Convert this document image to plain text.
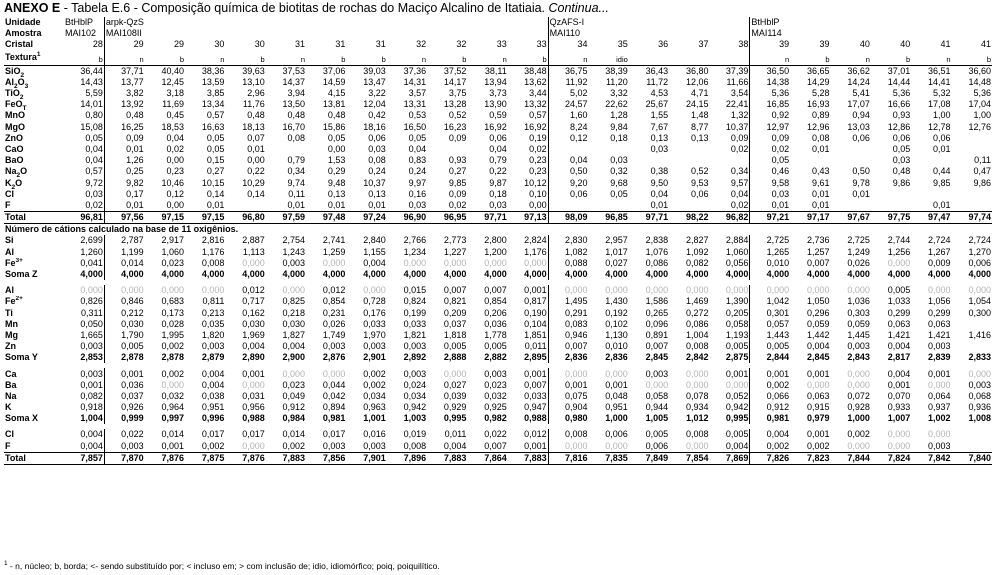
ANEXO E - Tabela E.6 - Composição química de biotitas de rochas do Maciço Alcalino de Itatiaia. Continua...
Unidade	BtHblP	arpk-QzS											QzAFS-I					BtHblP					
Amostra	MAI102	MAI108II											MAI110					MAI114					
Cristal	28	29	29	30	30	31	31	31	32	32	33	33	34	35	36	37	38	39	39	40	40	41	41
Textura$^1$	b	n	b	n	b	n	b	b	n	b	n	b	n	idio				n	b	n	b	n	b
SiO$_2$	36,44	37,71	40,40	38,36	39,63	37,53	37,06	39,03	37,36	37,52	38,11	38,48	36,75	38,39	36,43	36,80	37,39	36,50	36,65	36,62	37,01	36,51	36,60
$Al_2O_3$	14,43	13,77	12,45	13,59	13,10	14,37	14,59	13,47	14,31	14,17	13,94	13,62	11,92	11,20	11,72	12,06	11,66	14,38	14,29	14,24	14,44	14,41	14,48
TiO$_2$	5,59	3,82	3,18	3,85	2,96	3,94	4,15	3,22	3,57	3,75	3,73	3,44	5,02	3,32	4,53	4,71	3,54	5,36	5,28	5,41	5,36	5,32	5,36
FeO$_T$	14,01	13,92	11,69	13,34	11,76	13,50	13,81	12,04	13,31	13,28	13,90	13,32	24,57	22,62	25,67	24,15	22,41	16,85	16,93	17,07	16,66	17,08	17,04
MnO	0,80	0,48	0,45	0,57	0,48	0,48	0,48	0,42	0,53	0,52	0,59	0,57	1,60	1,28	1,55	1,48	1,32	0,92	0,89	0,94	0,93	1,00	1,00
MgO	15,08	16,25	18,53	16,63	18,13	16,70	15,86	18,16	16,50	16,23	16,92	16,92	8,24	9,84	7,67	8,77	10,37	12,97	12,96	13,03	12,86	12,78	12,76
ZnO	0,05	0,09	0,04	0,05	0,07	0,08	0,05	0,06	0,05	0,09	0,06	0,19	0,12	0,18	0,13	0,13	0,09	0,09	0,08	0,06	0,06	0,06	
CaO	0,04	0,01	0,02	0,05	0,01		0,00	0,03	0,04		0,04	0,02			0,03		0,02	0,02	0,01		0,05	0,01	
BaO	0,04	1,26	0,00	0,15	0,00	0,79	1,53	0,08	0,83	0,93	0,79	0,23	0,04	0,03				0,05			0,03		0,11
$Na_2O$	0,57	0,25	0,23	0,27	0,22	0,34	0,29	0,24	0,24	0,27	0,22	0,23	0,50	0,32	0,38	0,52	0,34	0,46	0,43	0,50	0,48	0,44	0,47
$K_2O$	9,72	9,82	10,46	10,15	10,29	9,74	9,48	10,37	9,97	9,85	9,87	10,12	9,20	9,68	9,50	9,53	9,57	9,58	9,61	9,78	9,86	9,85	9,86
Cl	0,03	0,17	0,12	0,14	0,14	0,11	0,13	0,13	0,16	0,09	0,18	0,10	0,06	0,05	0,04	0,06	0,04	0,03	0,01	0,01			
F	0,02	0,01	0,00	0,01		0,01	0,01	0,01	0,03	0,02	0,03	0,00			0,01		0,02	0,01	0,01			0,01	
Total	96,81	97,56	97,15	97,15	96,80	97,59	97,48	97,24	96,90	96,95	97,71	97,13	98,09	96,85	97,71	98,22	96,82	97,21	97,17	97,67	97,75	97,47	97,74
Número de cátions calculado na base de 11 oxigênios.																							
Si	2,699	2,787	2,917	2,816	2,887	2,754	2,741	2,840	2,766	2,773	2,800	2,824	2,830	2,957	2,838	2,827	2,884	2,725	2,736	2,725	2,744	2,724	2,724
Al	1,260	1,199	1,060	1,176	1,113	1,243	1,259	1,155	1,234	1,227	1,200	1,176	1,082	1,017	1,076	1,092	1,060	1,265	1,257	1,249	1,256	1,267	1,270
$Fe^{3+}$	0,041	0,014	0,023	0,008	0,000	0,003	0,000	0,004	0,000	0,000	0,000	0,000	0,088	0,027	0,086	0,082	0,056	0,010	0,007	0,026	0,000	0,009	0,006
Soma Z	4,000	4,000	4,000	4,000	4,000	4,000	4,000	4,000	4,000	4,000	4,000	4,000	4,000	4,000	4,000	4,000	4,000	4,000	4,000	4,000	4,000	4,000	4,000

Al	0,000	0,000	0,000	0,000	0,012	0,000	0,012	0,000	0,015	0,007	0,007	0,001	0,000	0,000	0,000	0,000	0,000	0,000	0,000	0,000	0,005	0,000	0,000
$Fe^{2+}$	0,826	0,846	0,683	0,811	0,717	0,825	0,854	0,728	0,824	0,821	0,854	0,817	1,495	1,430	1,586	1,469	1,390	1,042	1,050	1,036	1,033	1,056	1,054
Ti	0,311	0,212	0,173	0,213	0,162	0,218	0,231	0,176	0,199	0,209	0,206	0,190	0,291	0,192	0,265	0,272	0,205	0,301	0,296	0,303	0,299	0,299	0,300
Mn	0,050	0,030	0,028	0,035	0,030	0,030	0,026	0,033	0,033	0,037	0,036	0,104	0,083	0,102	0,096	0,086	0,058	0,057	0,059	0,059	0,063	0,063	
Mg	1,665	1,790	1,995	1,820	1,969	1,827	1,749	1,970	1,821	1,818	1,778	1,851	0,946	1,130	0,891	1,004	1,193	1,443	1,442	1,445	1,421	1,421	1,416
Zn	0,003	0,005	0,002	0,003	0,004	0,004	0,003	0,003	0,003	0,005	0,005	0,011	0,007	0,010	0,007	0,008	0,005	0,005	0,004	0,003	0,004	0,003	
Soma Y	2,853	2,878	2,878	2,879	2,890	2,900	2,876	2,901	2,892	2,888	2,882	2,895	2,836	2,836	2,845	2,842	2,875	2,844	2,845	2,843	2,817	2,839	2,833

Ca	0,003	0,001	0,002	0,004	0,001	0,000	0,000	0,002	0,003	0,000	0,003	0,001	0,000	0,000	0,003	0,000	0,001	0,001	0,001	0,000	0,004	0,001	0,000
Ba	0,001	0,036	0,000	0,004	0,000	0,023	0,044	0,002	0,024	0,027	0,023	0,007	0,001	0,001	0,000	0,000	0,000	0,002	0,000	0,000	0,001	0,000	0,003
Na	0,082	0,037	0,032	0,038	0,031	0,049	0,042	0,034	0,034	0,039	0,032	0,033	0,075	0,048	0,058	0,078	0,052	0,066	0,063	0,072	0,070	0,064	0,068
K	0,918	0,926	0,964	0,951	0,956	0,912	0,894	0,963	0,942	0,929	0,925	0,947	0,904	0,951	0,944	0,934	0,942	0,912	0,915	0,928	0,933	0,937	0,936
Soma X	1,004	0,999	0,997	0,996	0,988	0,984	0,981	1,001	1,003	0,995	0,982	0,988	0,980	1,000	1,005	1,012	0,995	0,981	0,979	1,000	1,007	1,002	1,008

Cl	0,004	0,022	0,014	0,017	0,017	0,014	0,017	0,016	0,019	0,011	0,022	0,012	0,008	0,006	0,005	0,008	0,005	0,004	0,001	0,002	0,000	0,000	
F	0,004	0,003	0,001	0,002	0,000	0,002	0,003	0,003	0,008	0,004	0,007	0,001	0,000	0,000	0,006	0,000	0,004	0,002	0,002	0,000	0,000	0,003	
Total	7,857	7,870	7,876	7,875	7,876	7,883	7,856	7,901	7,896	7,883	7,864	7,883	7,816	7,835	7,849	7,854	7,869	7,826	7,823	7,844	7,824	7,842	7,840
$^1$ - n, núcleo; b, borda; <- sendo substituído por; < incluso em; > com inclusão de; idio, idiomórfico; poiq, poiquilítico.
